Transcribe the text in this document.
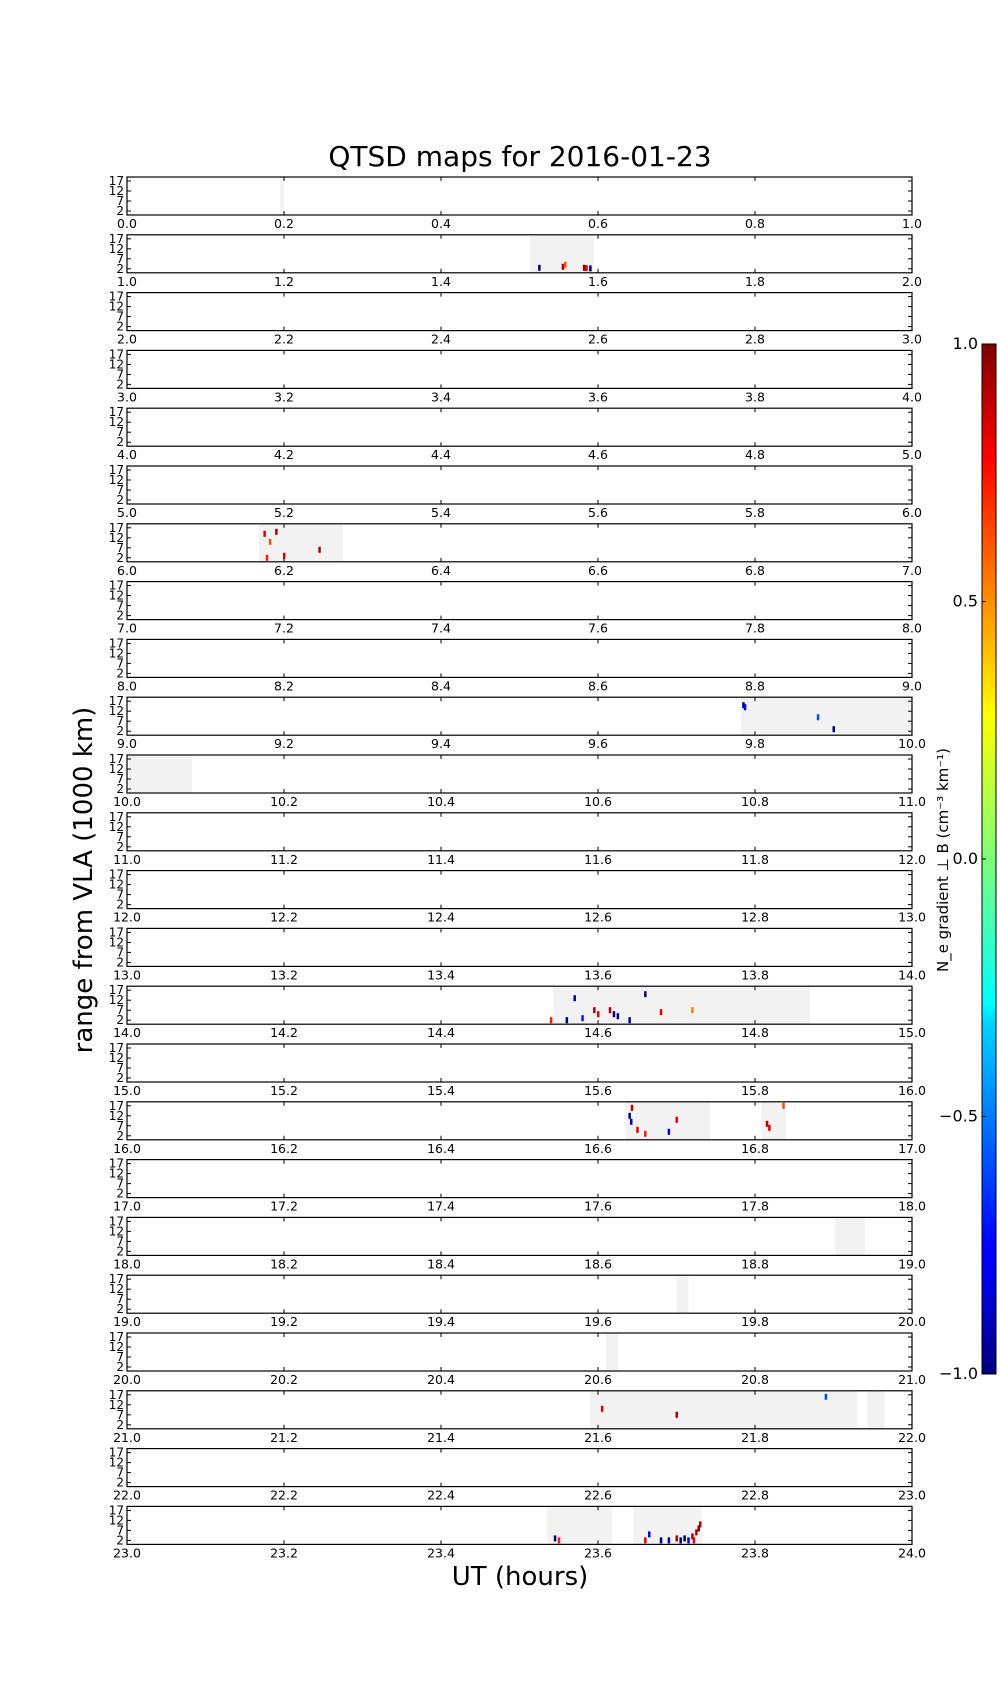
QTSD maps for 2016-01-23
0.0	0.2	0.4	0.6	0.8	1.0
2
7
12
17
1.0	1.2	1.4	1.6	1.8	2.0
2
7
12
17
2.0	2.2	2.4	2.6	2.8	3.0
2
7
12
17
3.0	3.2	3.4	3.6	3.8	4.0
2
7
12
17
4.0	4.2	4.4	4.6	4.8	5.0
2
7
12
17
5.0	5.2	5.4	5.6	5.8	6.0
2
7
12
17
6.0	6.2	6.4	6.6	6.8	7.0
2
7
12
17
7.0	7.2	7.4	7.6	7.8	8.0
2
7
12
17
8.0	8.2	8.4	8.6	8.8	9.0
2
7
12
17
9.0	9.2	9.4	9.6	9.8	10.0
2
7
12
17
10.0	10.2	10.4	10.6	10.8	11.0
2
7
12
17
11.0	11.2	11.4	11.6	11.8	12.0
2
7
12
17
12.0	12.2	12.4	12.6	12.8	13.0
2
7
12
17
13.0	13.2	13.4	13.6	13.8	14.0
2
7
12
17
14.0	14.2	14.4	14.6	14.8	15.0
2
7
12
17
15.0	15.2	15.4	15.6	15.8	16.0
2
7
12
17
16.0	16.2	16.4	16.6	16.8	17.0
2
7
12
17
17.0	17.2	17.4	17.6	17.8	18.0
2
7
12
17
18.0	18.2	18.4	18.6	18.8	19.0
2
7
12
17
19.0	19.2	19.4	19.6	19.8	20.0
2
7
12
17
20.0	20.2	20.4	20.6	20.8	21.0
2
7
12
17
21.0	21.2	21.4	21.6	21.8	22.0
2
7
12
17
22.0	22.2	22.4	22.6	22.8	23.0
2
7
12
17
23.0	23.2	23.4	23.6	23.8	24.0
2
7
12
17
UT (hours)
range from VLA (1000 km)	N_e gradient ⊥ B (cm⁻³ km⁻¹)
1.0
0.5
0.0
−0.5
−1.0
